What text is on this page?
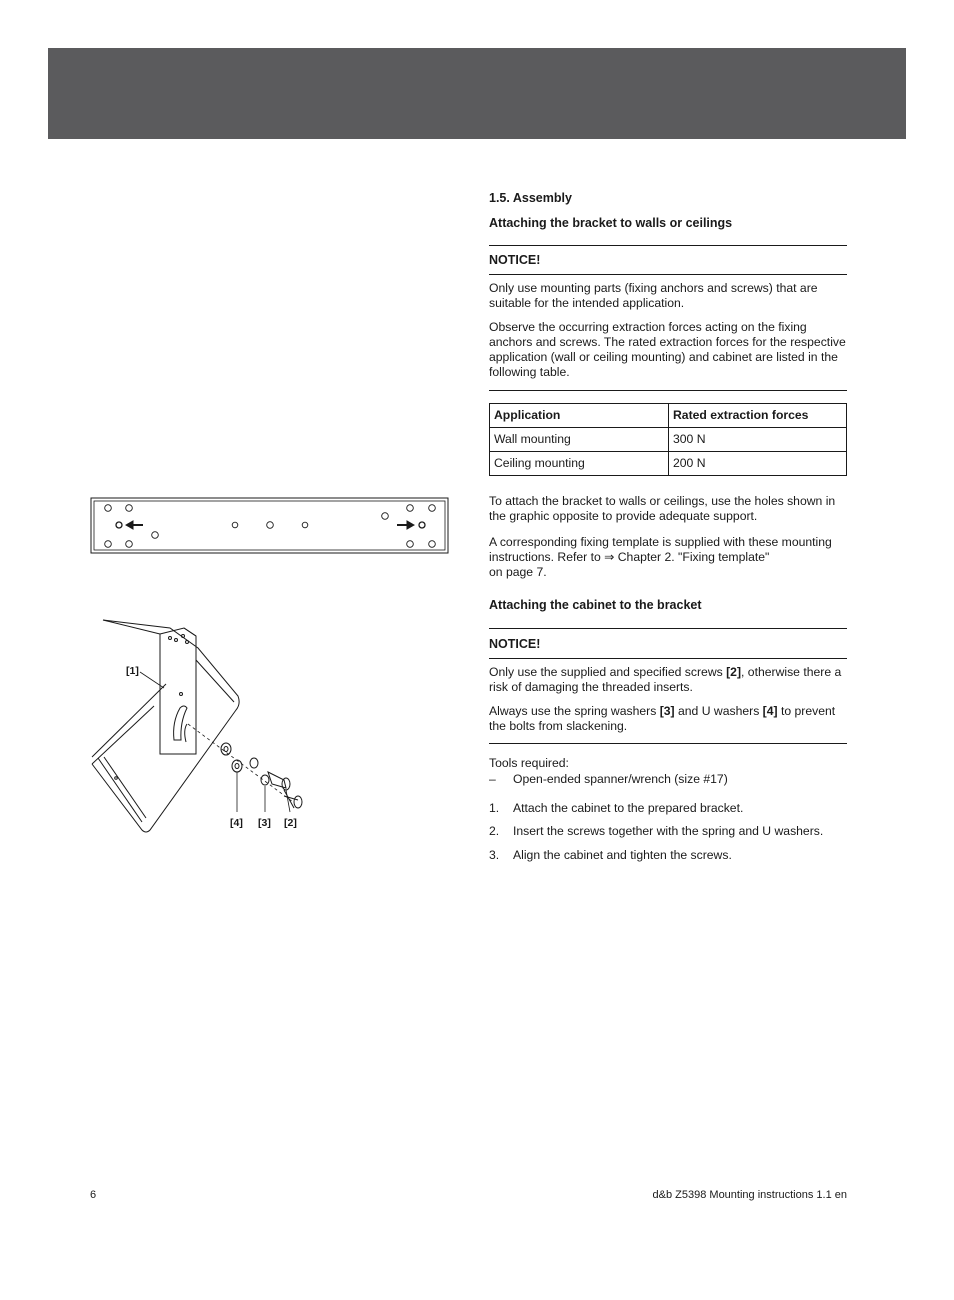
[1]
[4] [3] [2]
1.5. Assembly
Attaching the bracket to walls or ceilings
NOTICE!

Only use mounting parts (fixing anchors and screws) that are suitable for the intended application.

Observe the occurring extraction forces acting on the fixing anchors and screws. The rated extraction forces for the respective application (wall or ceiling mounting) and cabinet are listed in the following table.

Application	Rated extraction forces
Wall mounting	300 N
Ceiling mounting	200 N

To attach the bracket to walls or ceilings, use the holes shown in the graphic opposite to provide adequate support.

A corresponding fixing template is supplied with these mounting instructions. Refer to ⇒ Chapter 2. "Fixing template"
on page 7.

Attaching the cabinet to the bracket
NOTICE!

Only use the supplied and specified screws [2], otherwise there a risk of damaging the threaded inserts.

Always use the spring washers [3] and U washers [4] to prevent the bolts from slackening.

Tools required:

– Open-ended spanner/wrench (size #17)
1. Attach the cabinet to the prepared bracket.
2. Insert the screws together with the spring and U washers.
3. Align the cabinet and tighten the screws.
6	d&b Z5398 Mounting instructions 1.1 en
